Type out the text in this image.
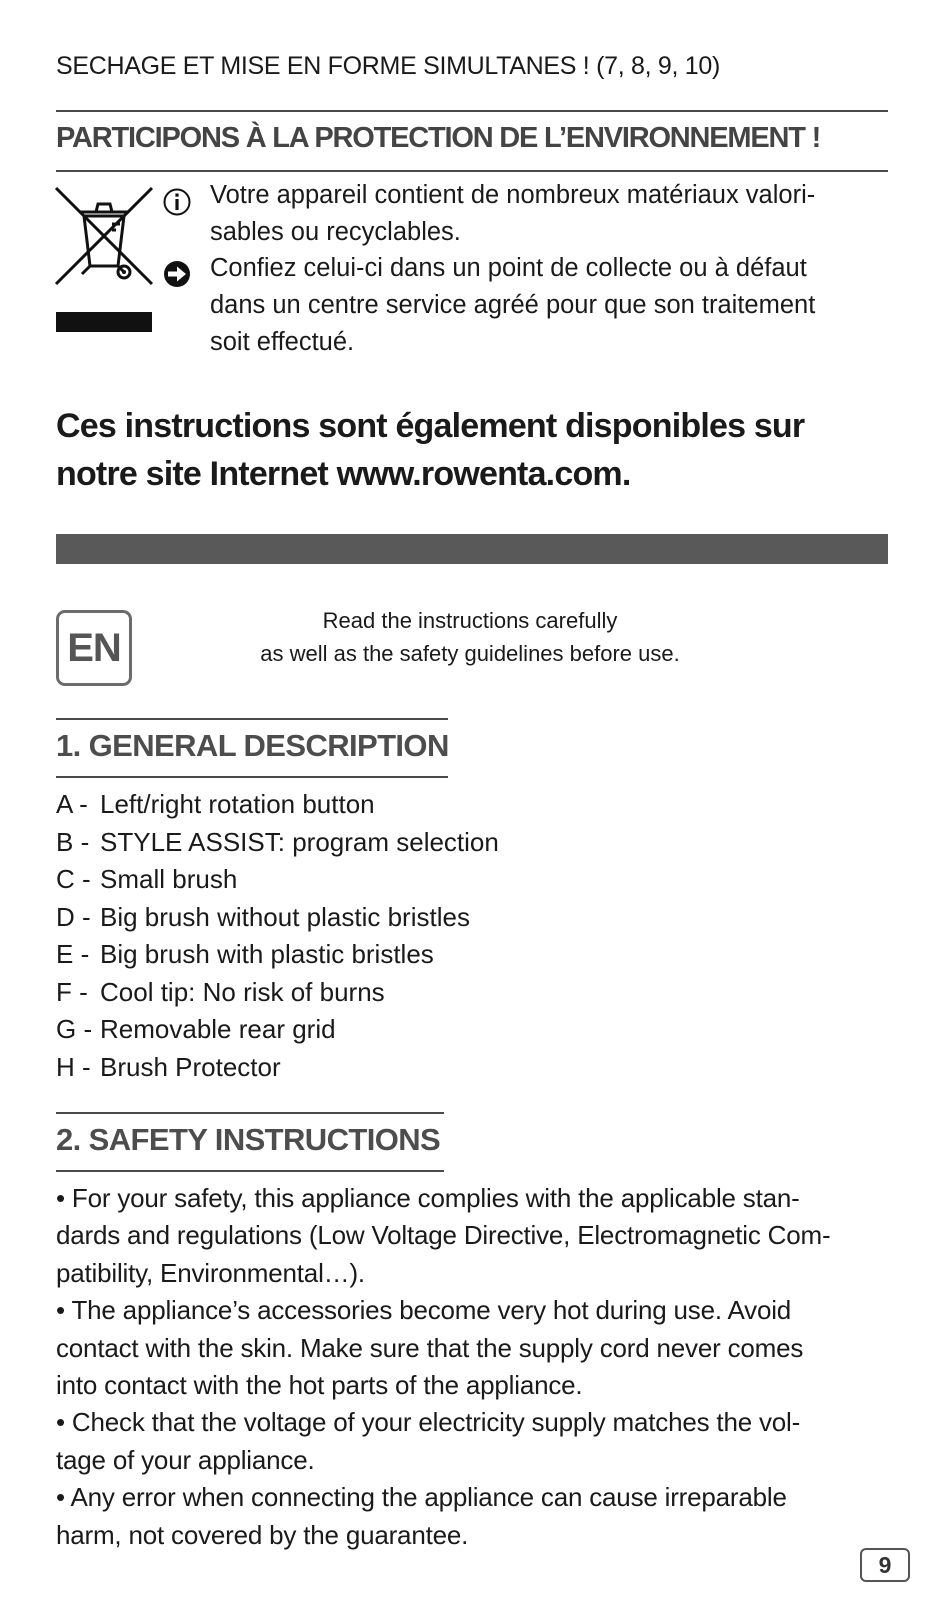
SECHAGE ET MISE EN FORME SIMULTANES ! (7, 8, 9, 10)
PARTICIPONS À LA PROTECTION DE L’ENVIRONNEMENT !
Votre appareil contient de nombreux matériaux valori-
sables ou recyclables.
Confiez celui-ci dans un point de collecte ou à défaut
dans un centre service agréé pour que son traitement
soit effectué.
Ces instructions sont également disponibles sur
notre site Internet www.rowenta.com.
EN
Read the instructions carefully
as well as the safety guidelines before use.
1. GENERAL DESCRIPTION
A - Left/right rotation button
B - STYLE ASSIST: program selection
C - Small brush
D - Big brush without plastic bristles
E - Big brush with plastic bristles
F - Cool tip: No risk of burns
G - Removable rear grid
H - Brush Protector
2. SAFETY INSTRUCTIONS
• For your safety, this appliance complies with the applicable stan-
dards and regulations (Low Voltage Directive, Electromagnetic Com-
patibility, Environmental…).
• The appliance’s accessories become very hot during use. Avoid
contact with the skin. Make sure that the supply cord never comes
into contact with the hot parts of the appliance.
• Check that the voltage of your electricity supply matches the vol-
tage of your appliance.
• Any error when connecting the appliance can cause irreparable
harm, not covered by the guarantee.
9
